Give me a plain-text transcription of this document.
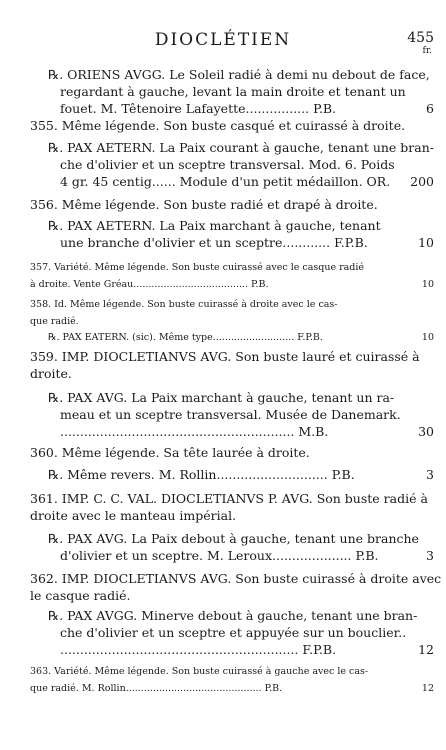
DIOCLÉTIEN	455
fr.
℞. ORIENS AVGG. Le Soleil radié à demi nu debout de face,
regardant à gauche, levant la main droite et tenant un
fouet. M. Têtenoire Lafayette................ P.B.	6
355. Même légende. Son buste casqué et cuirassé à droite.
℞. PAX AETERN. La Paix courant à gauche, tenant une bran-
che d'olivier et un sceptre transversal. Mod. 6. Poids
4 gr. 45 centig...... Module d'un petit médaillon. OR. 200
356. Même légende. Son buste radié et drapé à droite.
℞. PAX AETERN. La Paix marchant à gauche, tenant
une branche d'olivier et un sceptre............ F.P.B.	10
357. Variété. Même légende. Son buste cuirassé avec le casque radié
à droite. Vente Gréau...................................... P.B.	10
358. Id. Même légende. Son buste cuirassé à droite avec le cas-
que radié.
℞. PAX EATERN. (sic). Même type........................... F.P.B.	10
359. IMP. DIOCLETIANVS AVG. Son buste lauré et cuirassé à
droite.
℞. PAX AVG. La Paix marchant à gauche, tenant un ra-
meau et un sceptre transversal. Musée de Danemark.
........................................................... M.B.	30
360. Même légende. Sa tête laurée à droite.
℞. Même revers. M. Rollin............................ P.B.	3
361. IMP. C. C. VAL. DIOCLETIANVS P. AVG. Son buste radié à
droite avec le manteau impérial.
℞. PAX AVG. La Paix debout à gauche, tenant une branche
d'olivier et un sceptre. M. Leroux.................... P.B.	3
362. IMP. DIOCLETIANVS AVG. Son buste cuirassé à droite avec
le casque radié.
℞. PAX AVGG. Minerve debout à gauche, tenant une bran-
che d'olivier et un sceptre et appuyée sur un bouclier..
............................................................ F.P.B.	12
363. Variété. Même légende. Son buste cuirassé à gauche avec le cas-
que radié. M. Rollin............................................. P.B.	12
